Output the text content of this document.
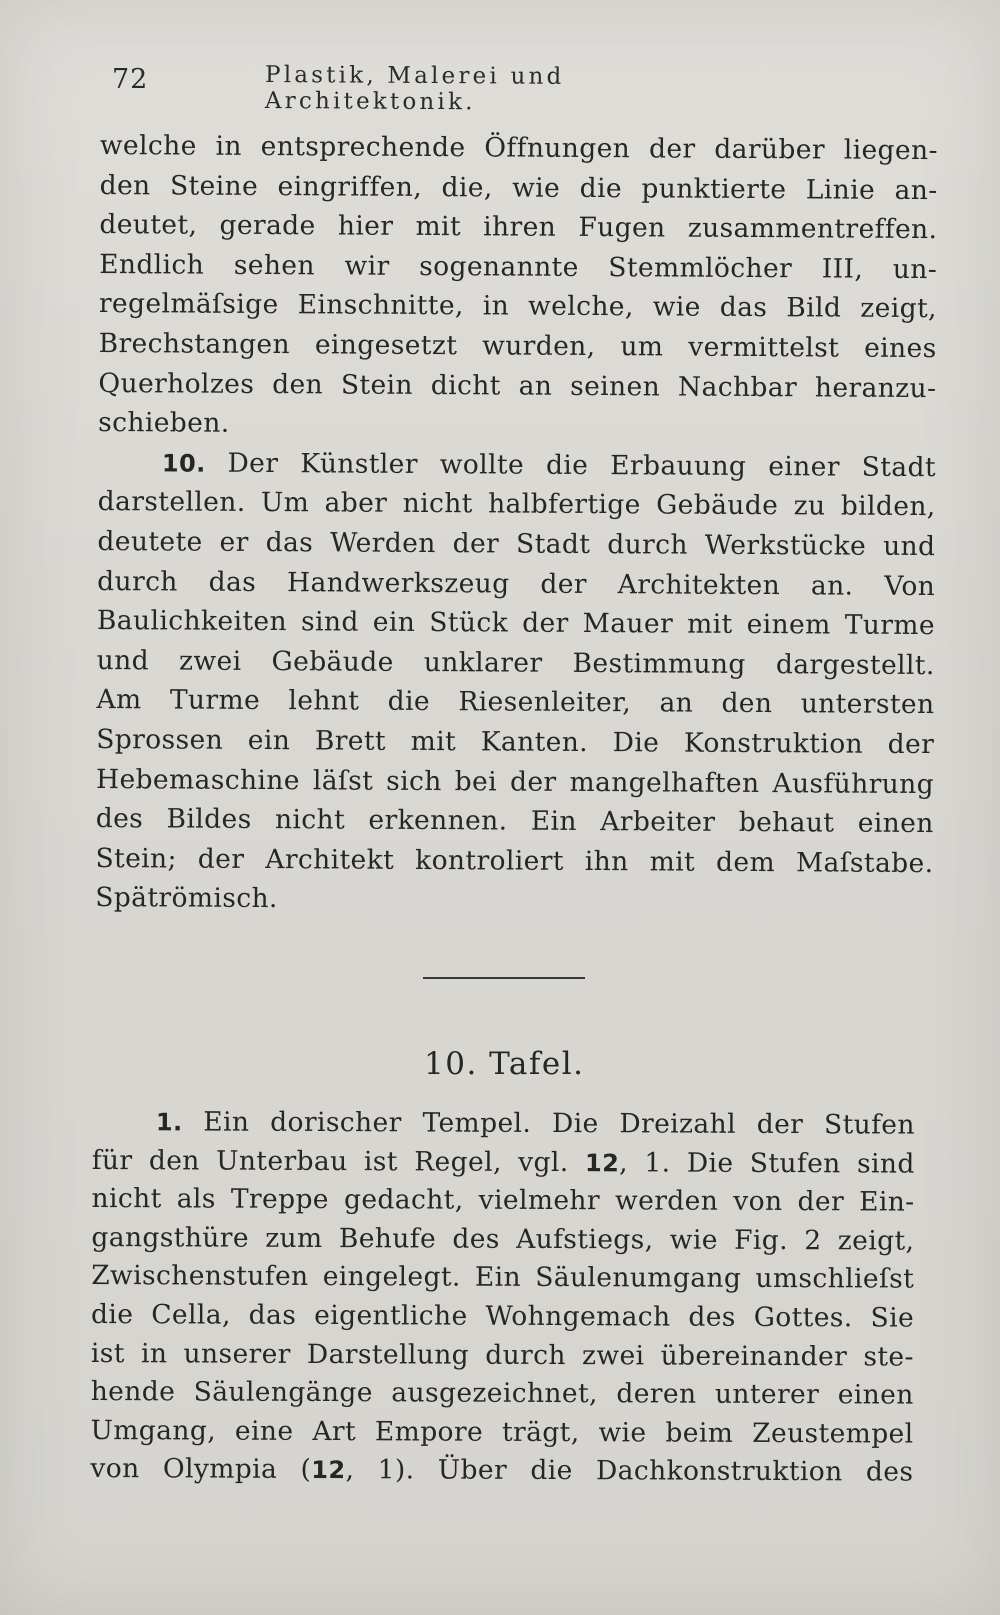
72	Plastik, Malerei und Architektonik.
welche in entsprechende Öffnungen der darüber liegen-
den Steine eingriffen, die, wie die punktierte Linie an-
deutet, gerade hier mit ihren Fugen zusammentreffen.
Endlich sehen wir sogenannte Stemmlöcher III, un-
regelmäſsige Einschnitte, in welche, wie das Bild zeigt,
Brechstangen eingesetzt wurden, um vermittelst eines
Querholzes den Stein dicht an seinen Nachbar heranzu-
schieben.
10. Der Künstler wollte die Erbauung einer Stadt
darstellen. Um aber nicht halbfertige Gebäude zu bilden,
deutete er das Werden der Stadt durch Werkstücke und
durch das Handwerkszeug der Architekten an. Von
Baulichkeiten sind ein Stück der Mauer mit einem Turme
und zwei Gebäude unklarer Bestimmung dargestellt.
Am Turme lehnt die Riesenleiter, an den untersten
Sprossen ein Brett mit Kanten. Die Konstruktion der
Hebemaschine läſst sich bei der mangelhaften Ausführung
des Bildes nicht erkennen. Ein Arbeiter behaut einen
Stein; der Architekt kontroliert ihn mit dem Maſstabe.
Spätrömisch.
10. Tafel.
1. Ein dorischer Tempel. Die Dreizahl der Stufen
für den Unterbau ist Regel, vgl. 12, 1. Die Stufen sind
nicht als Treppe gedacht, vielmehr werden von der Ein-
gangsthüre zum Behufe des Aufstiegs, wie Fig. 2 zeigt,
Zwischenstufen eingelegt. Ein Säulenumgang umschlieſst
die Cella, das eigentliche Wohngemach des Gottes. Sie
ist in unserer Darstellung durch zwei übereinander ste-
hende Säulengänge ausgezeichnet, deren unterer einen
Umgang, eine Art Empore trägt, wie beim Zeustempel
von Olympia (12, 1). Über die Dachkonstruktion des
